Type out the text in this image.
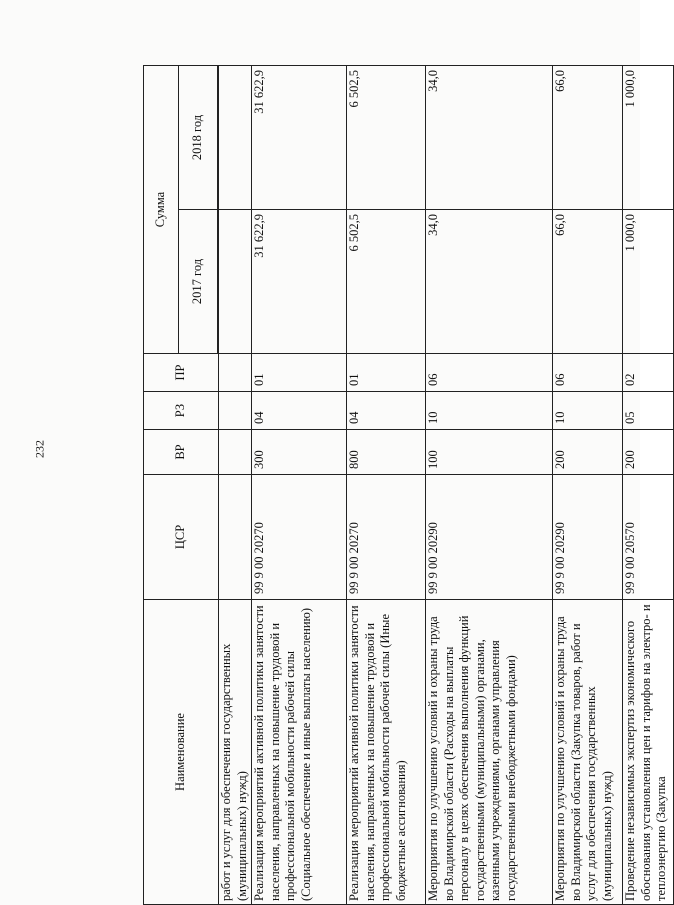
232
Наименование	ЦСР	ВР	РЗ	ПР	Сумма	
					2017 год	2018 год

работ и услуг для обеспечения государственных (муниципальных) нужд)						
Реализация мероприятий активной политики занятости населения, направленных на повышение трудовой и профессиональной мобильности рабочей силы (Социальное обеспечение и иные выплаты населению)	99 9 00 20270	300	04	01	31 622,9	31 622,9
Реализация мероприятий активной политики занятости населения, направленных на повышение трудовой и профессиональной мобильности рабочей силы (Иные бюджетные ассигнования)	99 9 00 20270	800	04	01	6 502,5	6 502,5
Мероприятия по улучшению условий и охраны труда во Владимирской области (Расходы на выплаты персоналу в целях обеспечения выполнения функций государственными (муниципальными) органами, казенными учреждениями, органами управления государственными внебюджетными фондами)	99 9 00 20290	100	10	06	34,0	34,0
Мероприятия по улучшению условий и охраны труда во Владимирской области (Закупка товаров, работ и услуг для обеспечения государственных (муниципальных) нужд)	99 9 00 20290	200	10	06	66,0	66,0
Проведение независимых экспертиз экономического обоснования установления цен и тарифов на электро- и теплоэнергию (Закупка	99 9 00 20570	200	05	02	1 000,0	1 000,0
